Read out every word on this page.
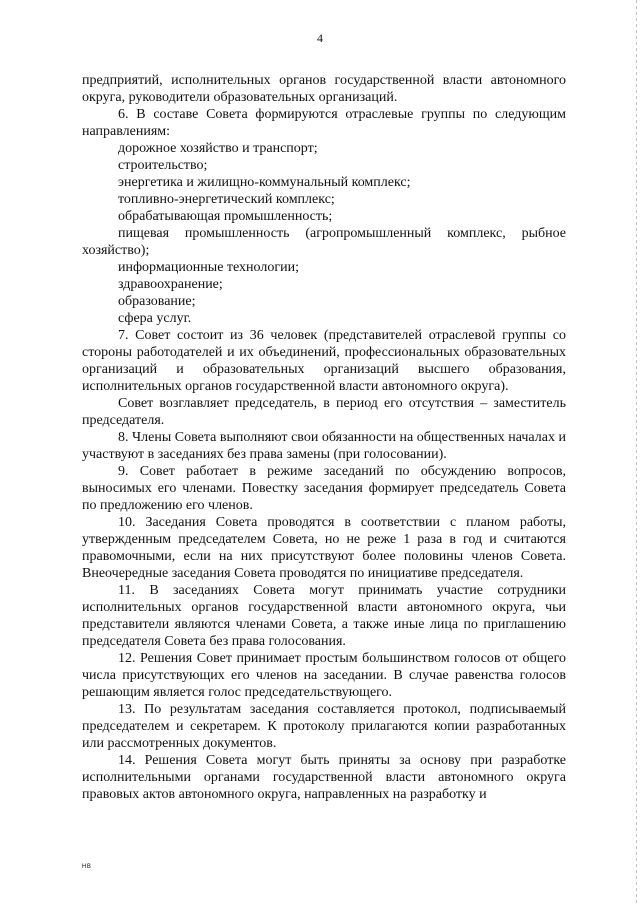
4

предприятий, исполнительных органов государственной власти автономного округа, руководители образовательных организаций.

6. В составе Совета формируются отраслевые группы по следующим направлениям:

дорожное хозяйство и транспорт;

строительство;

энергетика и жилищно-коммунальный комплекс;

топливно-энергетический комплекс;

обрабатывающая промышленность;

пищевая промышленность (агропромышленный комплекс, рыбное хозяйство);

информационные технологии;

здравоохранение;

образование;

сфера услуг.

7. Совет состоит из 36 человек (представителей отраслевой группы со стороны работодателей и их объединений, профессиональных образовательных организаций и образовательных организаций высшего образования, исполнительных органов государственной власти автономного округа).

Совет возглавляет председатель, в период его отсутствия – заместитель председателя.

8. Члены Совета выполняют свои обязанности на общественных началах и участвуют в заседаниях без права замены (при голосовании).

9. Совет работает в режиме заседаний по обсуждению вопросов, выносимых его членами. Повестку заседания формирует председатель Совета по предложению его членов.

10. Заседания Совета проводятся в соответствии с планом работы, утвержденным председателем Совета, но не реже 1 раза в год и считаются правомочными, если на них присутствуют более половины членов Совета. Внеочередные заседания Совета проводятся по инициативе председателя.

11. В заседаниях Совета могут принимать участие сотрудники исполнительных органов государственной власти автономного округа, чьи представители являются членами Совета, а также иные лица по приглашению председателя Совета без права голосования.

12. Решения Совет принимает простым большинством голосов от общего числа присутствующих его членов на заседании. В случае равенства голосов решающим является голос председательствующего.

13. По результатам заседания составляется протокол, подписываемый председателем и секретарем. К протоколу прилагаются копии разработанных или рассмотренных документов.

14. Решения Совета могут быть приняты за основу при разработке исполнительными органами государственной власти автономного округа правовых актов автономного округа, направленных на разработку и

НВ
